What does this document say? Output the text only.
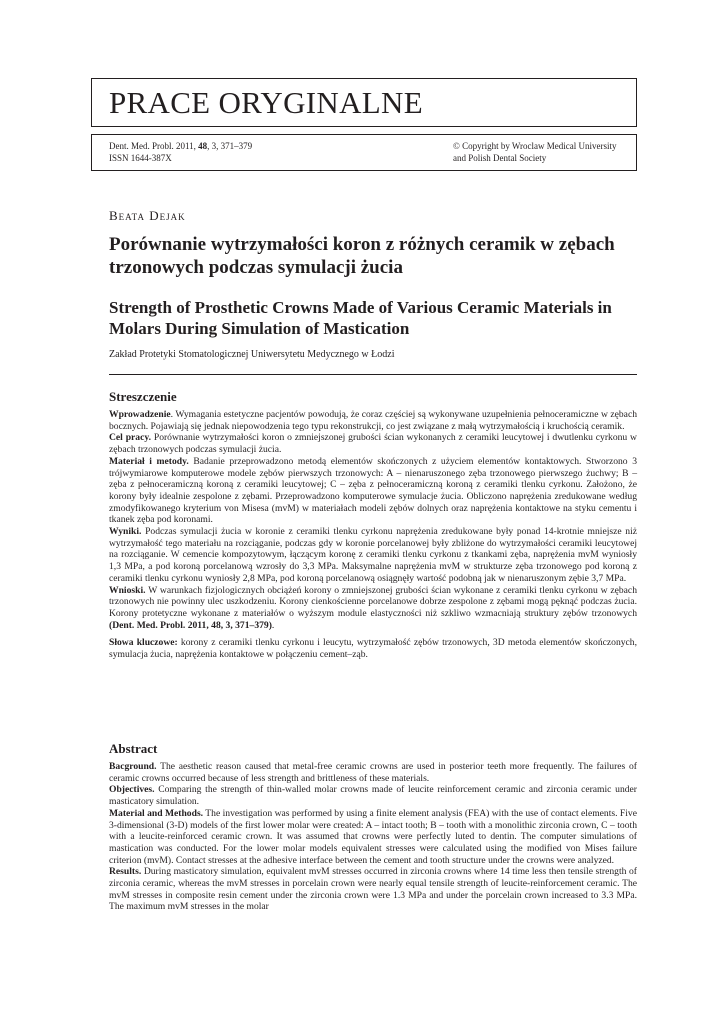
PRACE ORYGINALNE
Dent. Med. Probl. 2011, 48, 3, 371–379
ISSN 1644-387X
© Copyright by Wroclaw Medical University
and Polish Dental Society
Beata Dejak
Porównanie wytrzymałości koron z różnych ceramik w zębach trzonowych podczas symulacji żucia
Strength of Prosthetic Crowns Made of Various Ceramic Materials in Molars During Simulation of Mastication

Zakład Protetyki Stomatologicznej Uniwersytetu Medycznego w Łodzi

Streszczenie

Wprowadzenie. Wymagania estetyczne pacjentów powodują, że coraz częściej są wykonywane uzupełnienia pełnoceramiczne w zębach bocznych. Pojawiają się jednak niepowodzenia tego typu rekonstrukcji, co jest związane z małą wytrzymałością i kruchością ceramik.

Cel pracy. Porównanie wytrzymałości koron o zmniejszonej grubości ścian wykonanych z ceramiki leucytowej i dwutlenku cyrkonu w zębach trzonowych podczas symulacji żucia.

Materiał i metody. Badanie przeprowadzono metodą elementów skończonych z użyciem elementów kontaktowych. Stworzono 3 trójwymiarowe komputerowe modele zębów pierwszych trzonowych: A – nienaruszonego zęba trzonowego pierwszego żuchwy; B – zęba z pełnoceramiczną koroną z ceramiki leucytowej; C – zęba z pełnoceramiczną koroną z ceramiki tlenku cyrkonu. Założono, że korony były idealnie zespolone z zębami. Przeprowadzono komputerowe symulacje żucia. Obliczono naprężenia zredukowane według zmodyfikowanego kryterium von Misesa (mvM) w materiałach modeli zębów dolnych oraz naprężenia kontaktowe na styku cementu i tkanek zęba pod koronami.

Wyniki. Podczas symulacji żucia w koronie z ceramiki tlenku cyrkonu naprężenia zredukowane były ponad 14-krotnie mniejsze niż wytrzymałość tego materiału na rozciąganie, podczas gdy w koronie porcelanowej były zbliżone do wytrzymałości ceramiki leucytowej na rozciąganie. W cemencie kompozytowym, łączącym koronę z ceramiki tlenku cyrkonu z tkankami zęba, naprężenia mvM wyniosły 1,3 MPa, a pod koroną porcelanową wzrosły do 3,3 MPa. Maksymalne naprężenia mvM w strukturze zęba trzonowego pod koroną z ceramiki tlenku cyrkonu wyniosły 2,8 MPa, pod koroną porcelanową osiągnęły wartość podobną jak w nienaruszonym zębie 3,7 MPa.

Wnioski. W warunkach fizjologicznych obciążeń korony o zmniejszonej grubości ścian wykonane z ceramiki tlenku cyrkonu w zębach trzonowych nie powinny ulec uszkodzeniu. Korony cienkościenne porcelanowe dobrze zespolone z zębami mogą pęknąć podczas żucia. Korony protetyczne wykonane z materiałów o wyższym module elastyczności niż szkliwo wzmacniają struktury zębów trzonowych (Dent. Med. Probl. 2011, 48, 3, 371–379).

Słowa kluczowe: korony z ceramiki tlenku cyrkonu i leucytu, wytrzymałość zębów trzonowych, 3D metoda elementów skończonych, symulacja żucia, naprężenia kontaktowe w połączeniu cement–ząb.

Abstract

Bacground. The aesthetic reason caused that metal-free ceramic crowns are used in posterior teeth more frequently. The failures of ceramic crowns occurred because of less strength and brittleness of these materials.

Objectives. Comparing the strength of thin-walled molar crowns made of leucite reinforcement ceramic and zirconia ceramic under masticatory simulation.

Material and Methods. The investigation was performed by using a finite element analysis (FEA) with the use of contact elements. Five 3-dimensional (3-D) models of the first lower molar were created: A – intact tooth; B – tooth with a monolithic zirconia crown, C – tooth with a leucite-reinforced ceramic crown. It was assumed that crowns were perfectly luted to dentin. The computer simulations of mastication was conducted. For the lower molar models equivalent stresses were calculated using the modified von Mises failure criterion (mvM). Contact stresses at the adhesive interface between the cement and tooth structure under the crowns were analyzed.

Results. During masticatory simulation, equivalent mvM stresses occurred in zirconia crowns where 14 time less then tensile strength of zirconia ceramic, whereas the mvM stresses in porcelain crown were nearly equal tensile strength of leucite-reinforcement ceramic. The mvM stresses in composite resin cement under the zirconia crown were 1.3 MPa and under the porcelain crown increased to 3.3 MPa. The maximum mvM stresses in the molar
